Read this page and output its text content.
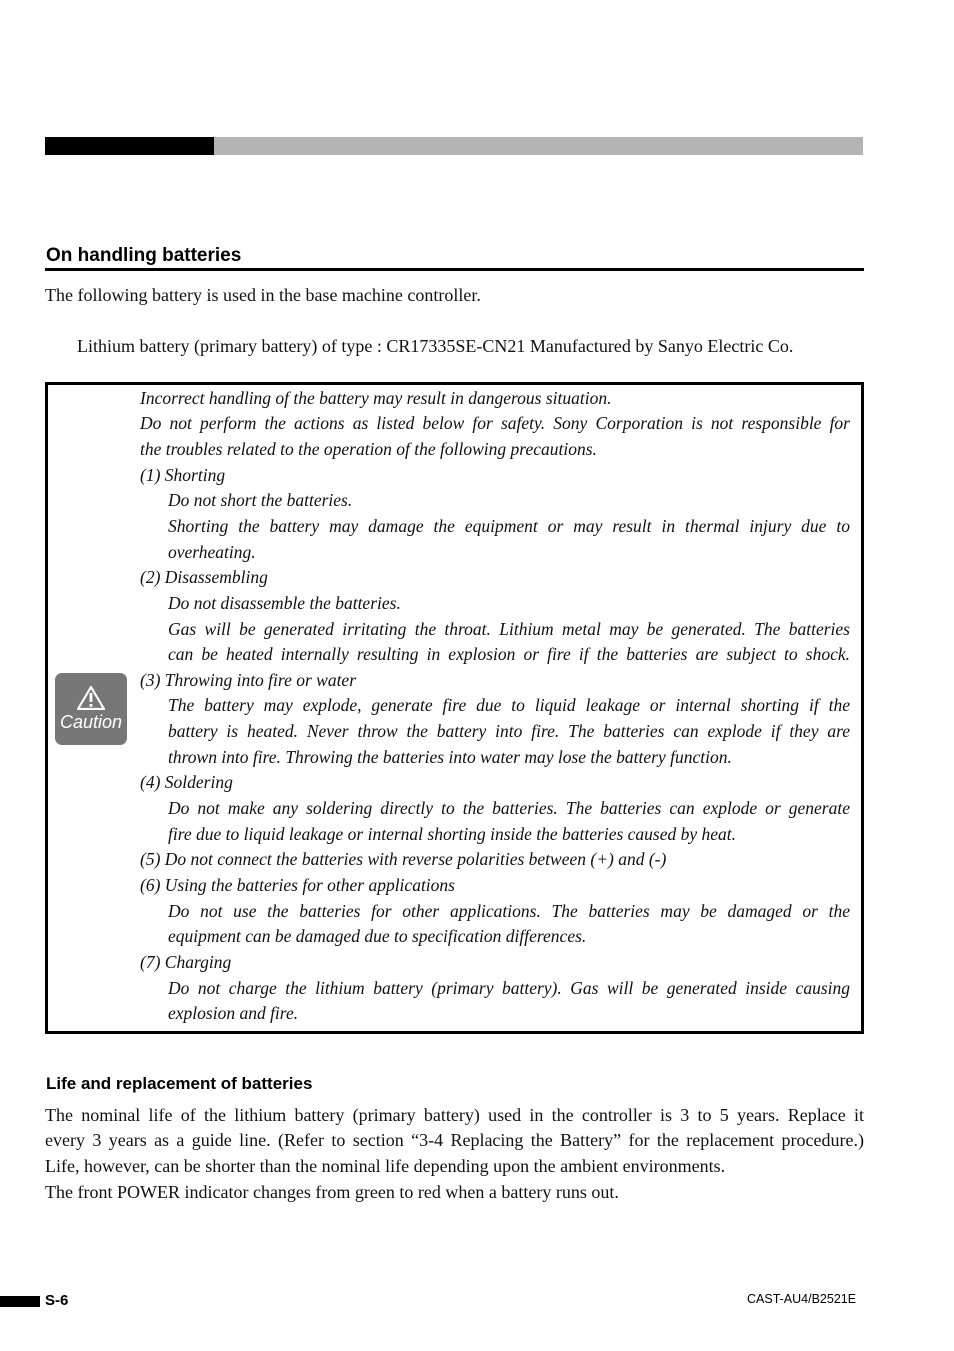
On handling batteries
The following battery is used in the base machine controller.
Lithium battery (primary battery) of type : CR17335SE-CN21 Manufactured by Sanyo Electric Co.
Caution
Incorrect handling of the battery may result in dangerous situation.
Do not perform the actions as listed below for safety. Sony Corporation is not responsible for
the troubles related to the operation of the following precautions.
(1) Shorting
Do not short the batteries.
Shorting the battery may damage the equipment or may result in thermal injury due to
overheating.
(2) Disassembling
Do not disassemble the batteries.
Gas will be generated irritating the throat. Lithium metal may be generated. The batteries
can be heated internally resulting in explosion or fire if the batteries are subject to shock.
(3) Throwing into fire or water
The battery may explode, generate fire due to liquid leakage or internal shorting if the
battery is heated. Never throw the battery into fire. The batteries can explode if they are
thrown into fire. Throwing the batteries into water may lose the battery function.
(4) Soldering
Do not make any soldering directly to the batteries. The batteries can explode or generate
fire due to liquid leakage or internal shorting inside the batteries caused by heat.
(5) Do not connect the batteries with reverse polarities between (+) and (-)
(6) Using the batteries for other applications
Do not use the batteries for other applications. The batteries may be damaged or the
equipment can be damaged due to specification differences.
(7) Charging
Do not charge the lithium battery (primary battery). Gas will be generated inside causing
explosion and fire.
Life and replacement of batteries
The nominal life of the lithium battery (primary battery) used in the controller is 3 to 5 years. Replace it
every 3 years as a guide line. (Refer to section “3-4 Replacing the Battery” for the replacement procedure.)
Life, however, can be shorter than the nominal life depending upon the ambient environments.
The front POWER indicator changes from green to red when a battery runs out.
S-6	CAST-AU4/B2521E
